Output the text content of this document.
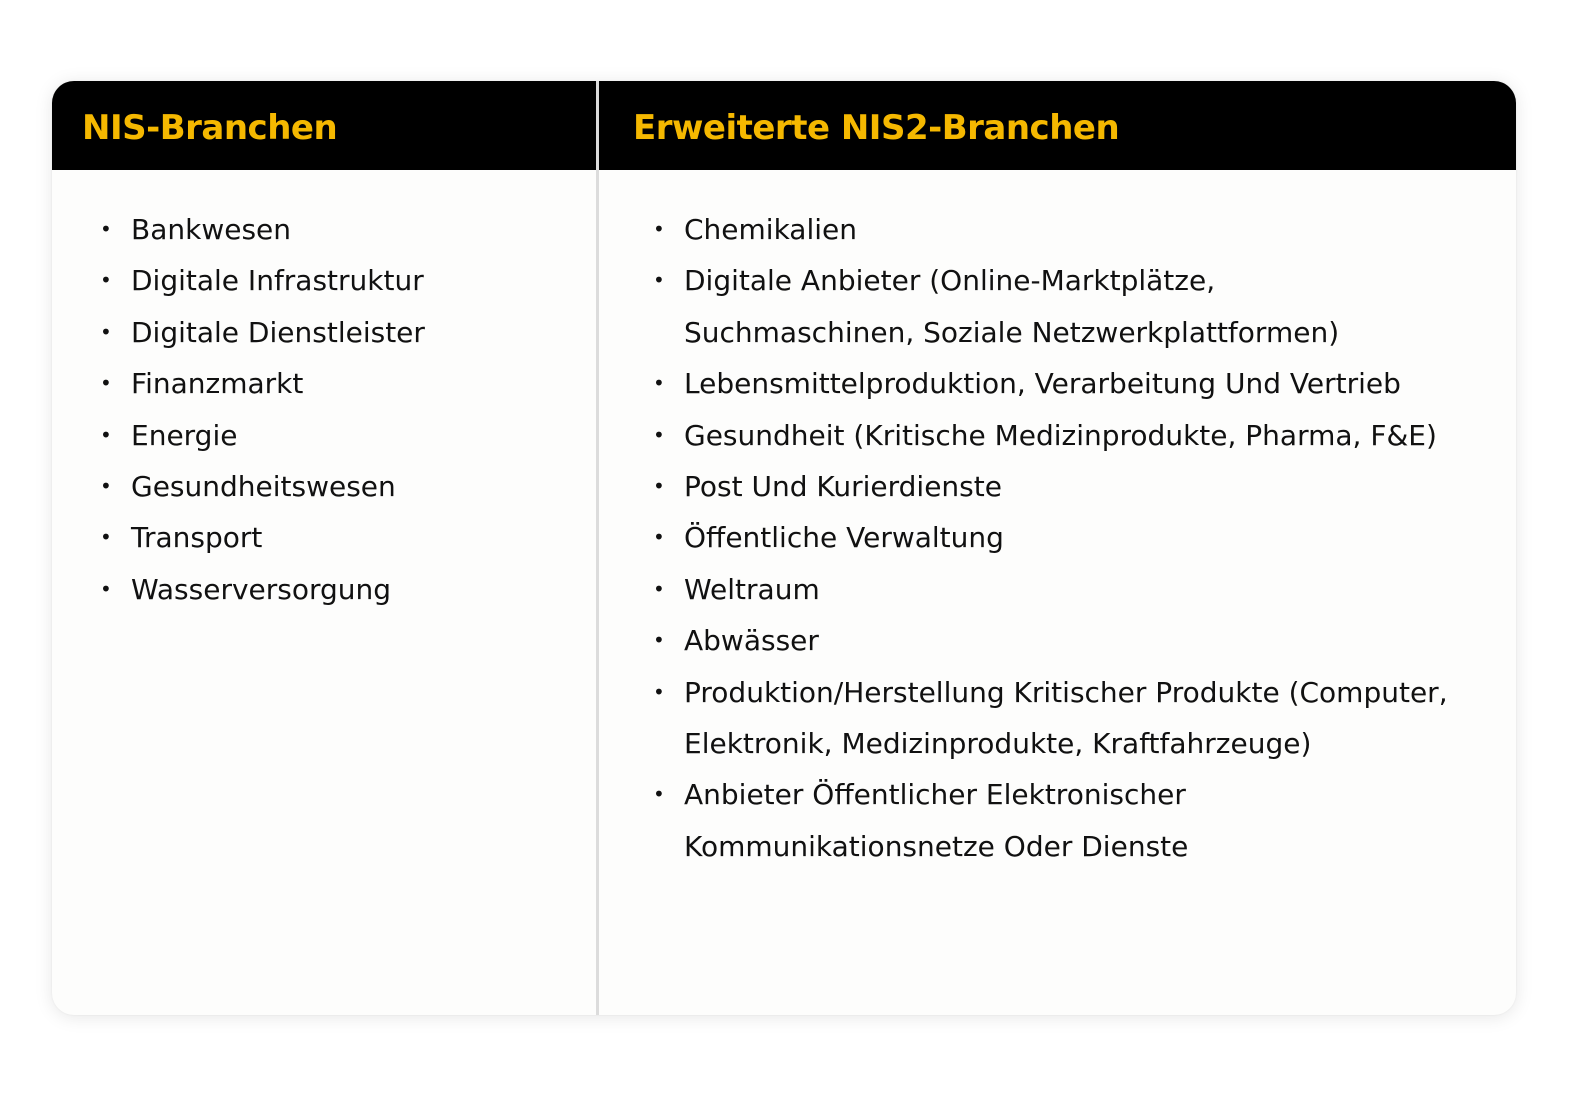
NIS-Branchen
• Bankwesen
• Digitale Infrastruktur
• Digitale Dienstleister
• Finanzmarkt
• Energie
• Gesundheitswesen
• Transport
• Wasserversorgung
Erweiterte NIS2-Branchen
• Chemikalien
• Digitale Anbieter (Online-Marktplätze,
Suchmaschinen, Soziale Netzwerkplattformen)
• Lebensmittelproduktion, Verarbeitung Und Vertrieb
• Gesundheit (Kritische Medizinprodukte, Pharma, F&E)
• Post Und Kurierdienste
• Öffentliche Verwaltung
• Weltraum
• Abwässer
• Produktion/Herstellung Kritischer Produkte (Computer,
Elektronik, Medizinprodukte, Kraftfahrzeuge)
• Anbieter Öffentlicher Elektronischer
Kommunikationsnetze Oder Dienste
